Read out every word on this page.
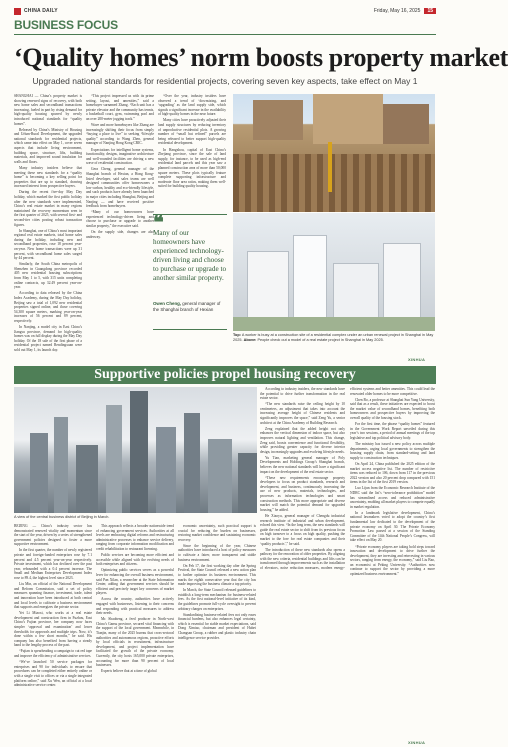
CHINA DAILY	Friday, May 16, 2025	15
BUSINESS FOCUS
‘Quality homes’ norm boosts property market
Upgraded national standards for residential projects, covering seven key aspects, take effect on May 1

SHANGHAI — China’s property market is showing renewed signs of recovery, with both new home sales and secondhand transactions increasing, fueled in part by rising demand for high-quality housing spurred by newly introduced national standards for “quality homes”.

Released by China’s Ministry of Housing and Urban-Rural Development, the upgraded national standards for residential projects, which came into effect on May 1, cover seven aspects that include living environment, building space, structure, lifts, building materials, and improved sound insulation for walls and floors.

Many industry insiders believe that meeting these new standards for a “quality home” is becoming a key selling point for properties that are up to standard, drawing increased interest from prospective buyers.

During the recent five-day May Day holiday, which marked the first public holiday after the new standards were implemented, China’s real estate market in many regions maintained the recovery momentum seen in the first quarter of 2025, with several first- and second-tier cities posting robust transaction figures.

In Shanghai, one of China’s most important regional real estate markets, total home sales during the holiday, including new and secondhand properties, rose 18 percent year-on-year. New home transactions were up 31 percent, with secondhand home sales surged by 44 percent.

Similarly, the South China metropolis of Shenzhen in Guangdong province recorded 405 new residential housing subscriptions from May 1 to 5, with 315 units completing online contracts, up 32.49 percent year-on-year.

According to data released by the China Index Academy, during the May Day holiday, Beijing saw a total of 1,092 new residential properties signed online, and those covering 54,300 square meters, marking year-on-year increases of 56 percent and 89 percent, respectively.

In Nanjing, a model city in East China’s Jiangsu province, demand for high-quality homes was on full display during the May Day holiday. Of the 18 sale of the first phase of a residential project named Rendingxuan were sold out May 1, its launch day.

“This project impressed us with its prime setting, layout, and amenities,” said a homebuyer surnamed Zhang. “Each unit has a private elevator and the community has tennis, a basketball court, gym, swimming pool and an over 200-meter jogging track.”

Wave and more homebuyers like Zhang are increasingly shifting their focus from simply “buying a place to live” to seeking “lifestyle quality” according to Wang Zhen, general manager of Nanjing Hong Kong CRIC.

Expectations for intelligent home systems, functionality, designs, imaginative architecture and well-rounded facilities are driving a new wave of residential construction.

Gera Cheng, general manager of the Shanghai branch of Hexian, a Hong Kong-listed developer, said sales teams are well designed communities offer homeowners a low-carbon, healthy and eco-friendly lifestyle, and such products have already been launched in major cities including Shanghai, Beijing and Nanjing — and have received positive feedback from homebuyers.

“Many of our homeowners have experienced technology-driven living and choose to purchase or upgrade to another similar property,” the executive said.

On the supply side, changes are also underway.

“Over the year, industry insiders have observed a trend of ‘downsizing, and ‘upgrading’ as the land supply side, which signals a significant increase in the availability of high-quality homes in the near future.

Many cities have proactively adjusted their land supply structures by reducing inventory of unproductive residential plots. A growing number of “small but refined” parcels are being released to better support high-quality residential development.

In Hangzhou, capital of East China’s Zhejiang province, since the sale of land supply, for instance, to be used as high-end residential land parcels and this year saw a planned construction area of more than 50,000 square meters. These plots typically feature complete supporting infrastructure and moderate floor area ratios, making them well-suited for building quality housing.

❝
Many of our homeowners have experienced technology-driven living and choose to purchase or upgrade to another similar property.
Owen Cheng, general manager of the Shanghai branch of Hexian
Top: A worker is busy at a construction site of a residential complex under an urban renewal project in Shanghai in May 2025. Above: People check out a model of a real estate project in Shanghai in May 2025.
XINHUA
Supportive policies propel housing recovery
A view of the central business district of Beijing in March.

BEIJING — China’s industry sector has demonstrated renewed vitality and momentum since the start of the year, driven by a series of strengthened government policies designed to foster a more supportive environment.

In the first quarter, the number of newly registered private and foreign-funded enterprises rose by 7.1 percent and 4.5 percent year-on-year respectively. Private investment, which has declined over the past year, rebounded with a 0.4 percent increase. The Small and Medium Enterprises Development Index rose to 89.4, the highest level since 2023.

Liu Min, an official of the National Development and Reform Commission, said a set of policy measures spanning finance, investment, trade, talent and innovation have been introduced at both central and local levels to cultivate a business environment that supports and energizes the private sector.

Yet Li Miaoxi, who works at a real estate development and construction firm in Fuzhou, East China’s Fujian province, her company now faces simpler ‘approval and examination’ and lower thresholds for approvals and multiple trips. Now, it’s done within a few short months,” he said. His company has also benefited from having a steady hand to the lengthy process of the past.

“Fujian is spearheading a campaign to cut red tape and improve the efficiency of administrative services.

“We’ve launched 50 service packages for enterprises and 90 for individuals to ensure that procedures can be completed either entirely online or with a single visit to offices or via a single integrated platform online,” said Xu Wen, an official at a local administrative service center.

This approach reflects a broader nationwide trend of enhancing government services. Authorities at all levels are embracing digital reforms and restructuring administrative processes to enhance service delivery, ranging from corporate information modification and credit rehabilitation to restaurant licensing.

Public services are becoming more efficient and accessible while aligned with the evolving needs of both enterprises and citizens.

Optimizing public services serves as a powerful lever for enhancing the overall business environment, said Pan Xilan, a researcher at the State Information Center, adding that government services should be efficient and precisely target key concerns of market players.

Across the country, authorities have actively engaged with businesses, listening to their concerns and responding with practical measures to address their needs.

Mr. Shaoheng, a feed producer in North-west China’s Gansu province, secured vital financing with the support of the local government. Meanwhile, in Tianjin, many of the 2025 bureau that cross-sectoral authorities and autonomous regions, proactive efforts by local officials in recruitment, infrastructure development, and project implementation have facilitated the growth of the private economy. Currently, the city hosts 165,000 private enterprises, accounting for more than 90 percent of local businesses.

Experts believe that at a time of global

economic uncertainty, such practical support is crucial for reducing the burden on businesses, restoring market confidence and sustaining economic recovery.

Since the beginning of the year, Chinese authorities have introduced a host of policy measures to cultivate a fairer, more transparent and stable business environment.

On Feb 17, the first working day after the Spring Festival, the State Council released a new action plan to further optimize its business environment. This marks the eighth consecutive year that the city has made improving the business climate a top priority.

In March, the State Council released guidelines to establish a long-term mechanism for business-related fees. As the first national-level initiative of its kind, the guidelines promote full-cycle oversight to prevent arbitrary charges on enterprises.

Standardizing business-related fees not only eases financial burdens, but also enhances legal certainty, which is essential for stable market expectations, said Dong Ximiao, chairman and president of Hubei Changsan Group, a rubber and plastic industry chain intelligence service provider.

According to industry insiders, the new standards have the potential to drive further transformation in the real estate sector.

“The new standards raise the ceiling height by 10 centimeters, an adjustment that takes into account the increasing average height of Chinese residents and significantly improves the space,” said Zeng Yu, a senior architect at the China Academy of Building Research.

Zeng explained that the added height not only enhances the vertical dimension of indoor space, but also improves natural lighting and ventilation. This change, Zeng said, boosts convenience and functional flexibility, while providing greater capacity for diverse interior design, increasingly upgrades and evolving lifestyle needs.

Yu Tian, marketing general manager of Poly Developments and Holdings Group’s Shanghai branch, believes the new national standards will have a significant impact on the development of the real estate sector.

“These new requirements encourage property developers to focus on product standards, research and development, and business, continuously increasing the use of new products, materials, technologies, and processes as information technologies and smart construction methods. This more appropriate and diverse market will match the potential demand for upgraded housing,” he added.

He Xiaoyu, general manager of Chengdu industrial research institute of industrial and urban development, echoed this view. “In the long term, the new standards will guide the real estate sector to shift from its previous focus on high turnover to a focus on high quality, pushing the market to the fore for real estate companies and their ‘quality products’,” he said.

The introduction of these new standards also opens a pathway for the renovation of older properties. By aligning with the new criteria, residential buildings and lifts can be transformed through improvements such as the installation of elevators, noise reduction measures, modern energy-efficient systems and better amenities. This could lead the renovated older homes to be more competitive.

Chen Bo, a professor at Shanghai Sun Yang University, said that as a result, these initiatives are expected to boost the market value of secondhand homes, benefiting both homeowners and prospective buyers by improving the overall quality of the housing stock.

For the first time, the phrase “quality homes” featured in the Government Work Report unveiled during this year’s two sessions, a period of annual meetings of the top legislative and top political advisory body.

The ministry has issued a new policy across multiple departments, urging local governments to strengthen the housing supply chain, from standard-setting and land supply to construction techniques.

On April 24, China published the 2025 edition of the market access negative list. The number of restrictive items was reduced to 106, down from 117 in the previous 2022 version and also 20 percent drop compared with 151 items in the list of the first 2019 version.

Luo Lijun from the Economic Research Institute of the NDRC said the list’s “zero-tolerance prohibition” model has streamlined access and reduced administrative uncertainty, enabling all market players to compete equally in market regulation.

In a landmark legislative development, China’s national lawmakers voted to adopt the country’s first fundamental law dedicated to the development of the private economy on April 30. The Private Economy Promotion Law passed at a session of the Standing Committee of the 14th National People’s Congress, will take effect on May 20.

“Private economy players are taking bold steps toward innovation and development to drive further the development, they are investing and reinvesting in various sectors, ranging from energy, the economy,” said Liu Bao, an economist at Peking University. “Authorities now continue to support the sector by providing a more optimized business environment.”

XINHUA
